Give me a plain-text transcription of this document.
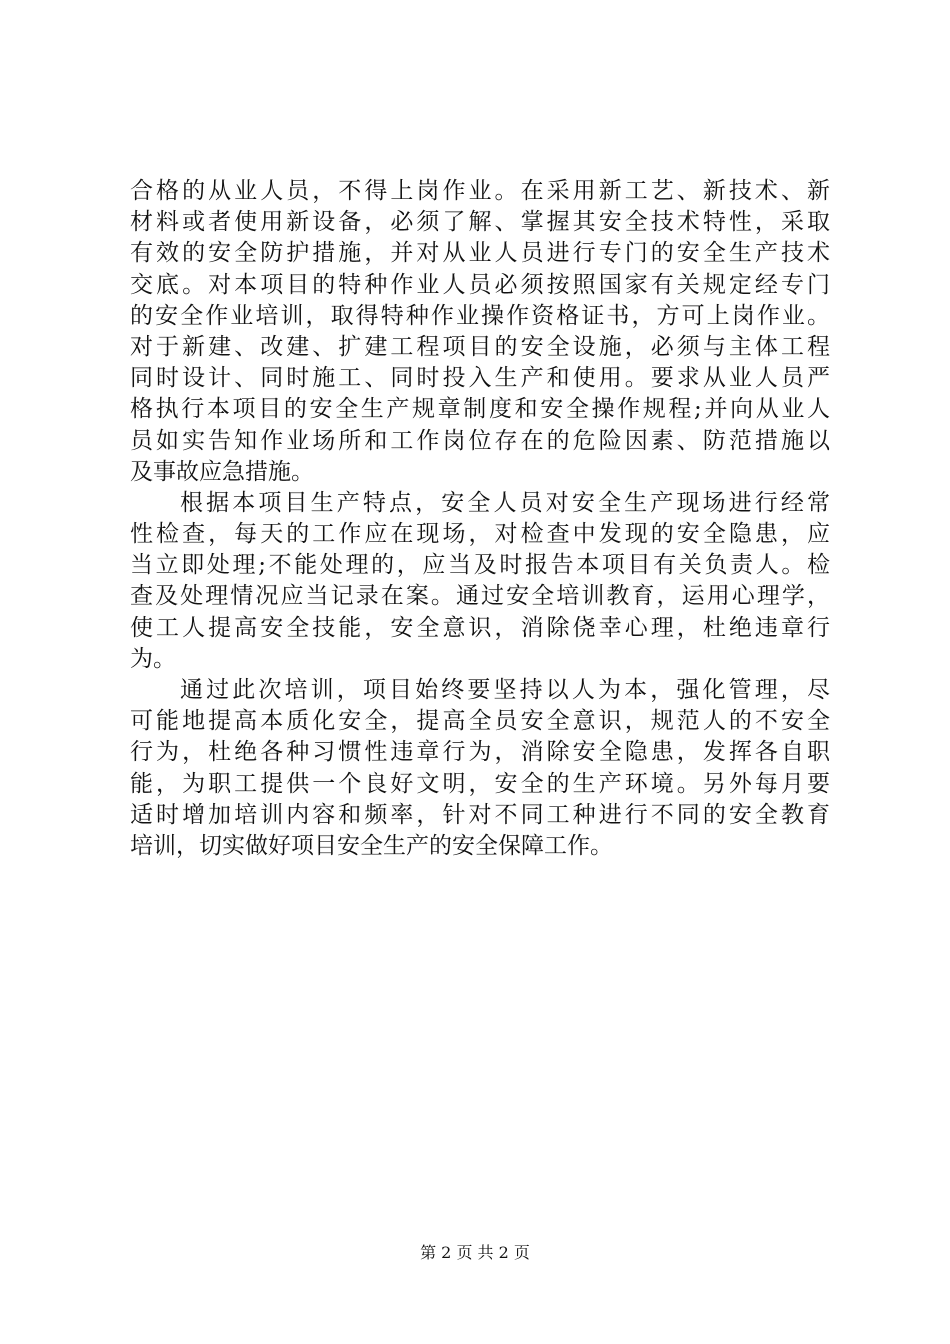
合格的从业人员，不得上岗作业。在采用新工艺、新技术、新
材料或者使用新设备，必须了解、掌握其安全技术特性，采取
有效的安全防护措施，并对从业人员进行专门的安全生产技术
交底。对本项目的特种作业人员必须按照国家有关规定经专门
的安全作业培训，取得特种作业操作资格证书，方可上岗作业。
对于新建、改建、扩建工程项目的安全设施，必须与主体工程
同时设计、同时施工、同时投入生产和使用。要求从业人员严
格执行本项目的安全生产规章制度和安全操作规程;并向从业人
员如实告知作业场所和工作岗位存在的危险因素、防范措施以
及事故应急措施。
根据本项目生产特点，安全人员对安全生产现场进行经常
性检查，每天的工作应在现场，对检查中发现的安全隐患，应
当立即处理;不能处理的，应当及时报告本项目有关负责人。检
查及处理情况应当记录在案。通过安全培训教育，运用心理学，
使工人提高安全技能，安全意识，消除侥幸心理，杜绝违章行
为。
通过此次培训，项目始终要坚持以人为本，强化管理，尽
可能地提高本质化安全，提高全员安全意识，规范人的不安全
行为，杜绝各种习惯性违章行为，消除安全隐患，发挥各自职
能，为职工提供一个良好文明，安全的生产环境。另外每月要
适时增加培训内容和频率，针对不同工种进行不同的安全教育
培训，切实做好项目安全生产的安全保障工作。
第 2 页 共 2 页
